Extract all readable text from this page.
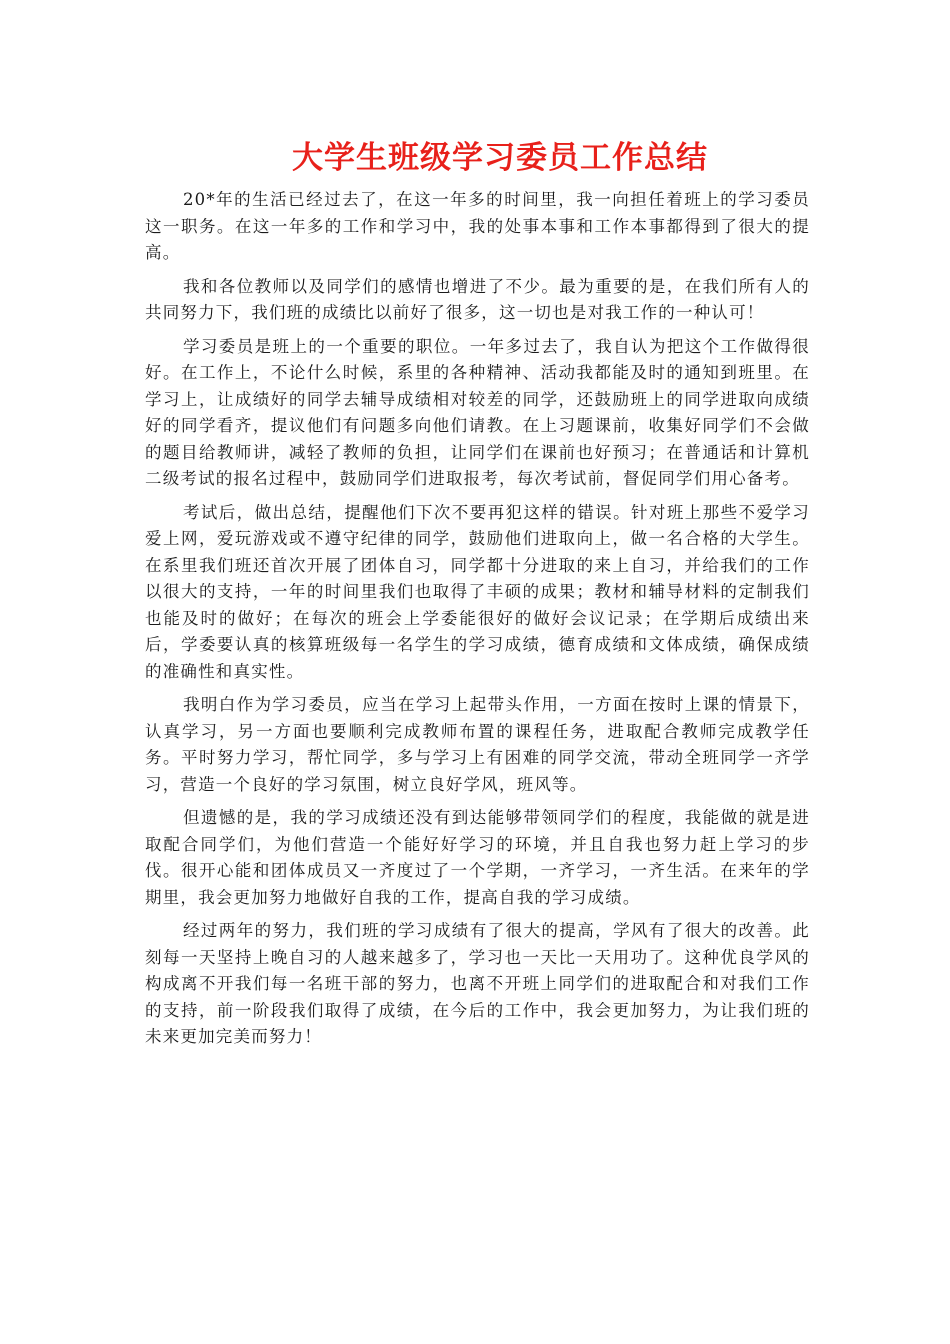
大学生班级学习委员工作总结

20*年的生活已经过去了，在这一年多的时间里，我一向担任着班上的学习委员这一职务。在这一年多的工作和学习中，我的处事本事和工作本事都得到了很大的提高。

我和各位教师以及同学们的感情也增进了不少。最为重要的是，在我们所有人的共同努力下，我们班的成绩比以前好了很多，这一切也是对我工作的一种认可！

学习委员是班上的一个重要的职位。一年多过去了，我自认为把这个工作做得很好。在工作上，不论什么时候，系里的各种精神、活动我都能及时的通知到班里。在学习上，让成绩好的同学去辅导成绩相对较差的同学，还鼓励班上的同学进取向成绩好的同学看齐，提议他们有问题多向他们请教。在上习题课前，收集好同学们不会做的题目给教师讲，减轻了教师的负担，让同学们在课前也好预习；在普通话和计算机二级考试的报名过程中，鼓励同学们进取报考，每次考试前，督促同学们用心备考。

考试后，做出总结，提醒他们下次不要再犯这样的错误。针对班上那些不爱学习爱上网，爱玩游戏或不遵守纪律的同学，鼓励他们进取向上，做一名合格的大学生。在系里我们班还首次开展了团体自习，同学都十分进取的来上自习，并给我们的工作以很大的支持，一年的时间里我们也取得了丰硕的成果；教材和辅导材料的定制我们也能及时的做好；在每次的班会上学委能很好的做好会议记录；在学期后成绩出来后，学委要认真的核算班级每一名学生的学习成绩，德育成绩和文体成绩，确保成绩的准确性和真实性。

我明白作为学习委员，应当在学习上起带头作用，一方面在按时上课的情景下，认真学习，另一方面也要顺利完成教师布置的课程任务，进取配合教师完成教学任务。平时努力学习，帮忙同学，多与学习上有困难的同学交流，带动全班同学一齐学习，营造一个良好的学习氛围，树立良好学风，班风等。

但遗憾的是，我的学习成绩还没有到达能够带领同学们的程度，我能做的就是进取配合同学们，为他们营造一个能好好学习的环境，并且自我也努力赶上学习的步伐。很开心能和团体成员又一齐度过了一个学期，一齐学习，一齐生活。在来年的学期里，我会更加努力地做好自我的工作，提高自我的学习成绩。

经过两年的努力，我们班的学习成绩有了很大的提高，学风有了很大的改善。此刻每一天坚持上晚自习的人越来越多了，学习也一天比一天用功了。这种优良学风的构成离不开我们每一名班干部的努力，也离不开班上同学们的进取配合和对我们工作的支持，前一阶段我们取得了成绩，在今后的工作中，我会更加努力，为让我们班的未来更加完美而努力！
